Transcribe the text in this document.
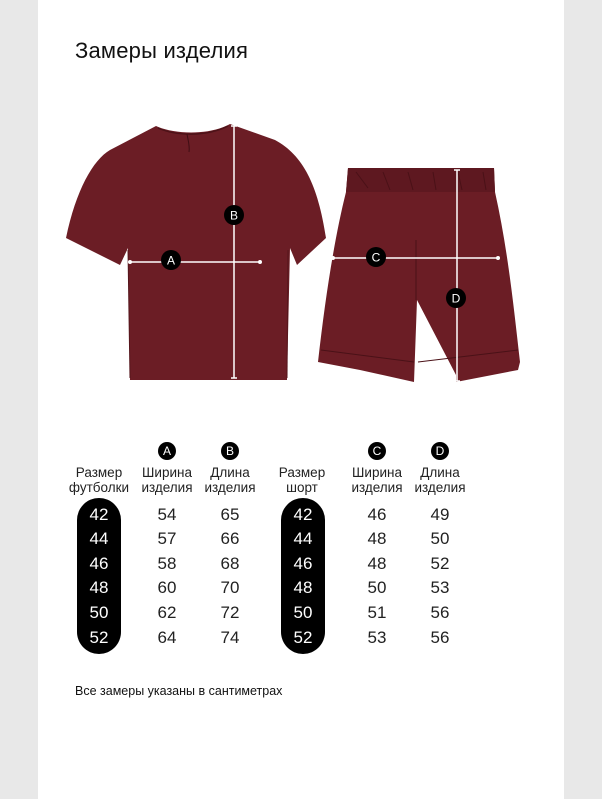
Замеры изделия
A
B
C
D
A	B
Размер
футболки
Ширина
изделия
Длина
изделия
42
44
46
48
50
52
54
57
58
60
62
64
65
66
68
70
72
74
C	D
Размер
шорт
Ширина
изделия
Длина
изделия
42
44
46
48
50
52
46
48
48
50
51
53
49
50
52
53
56
56
Все замеры указаны в сантиметрах
